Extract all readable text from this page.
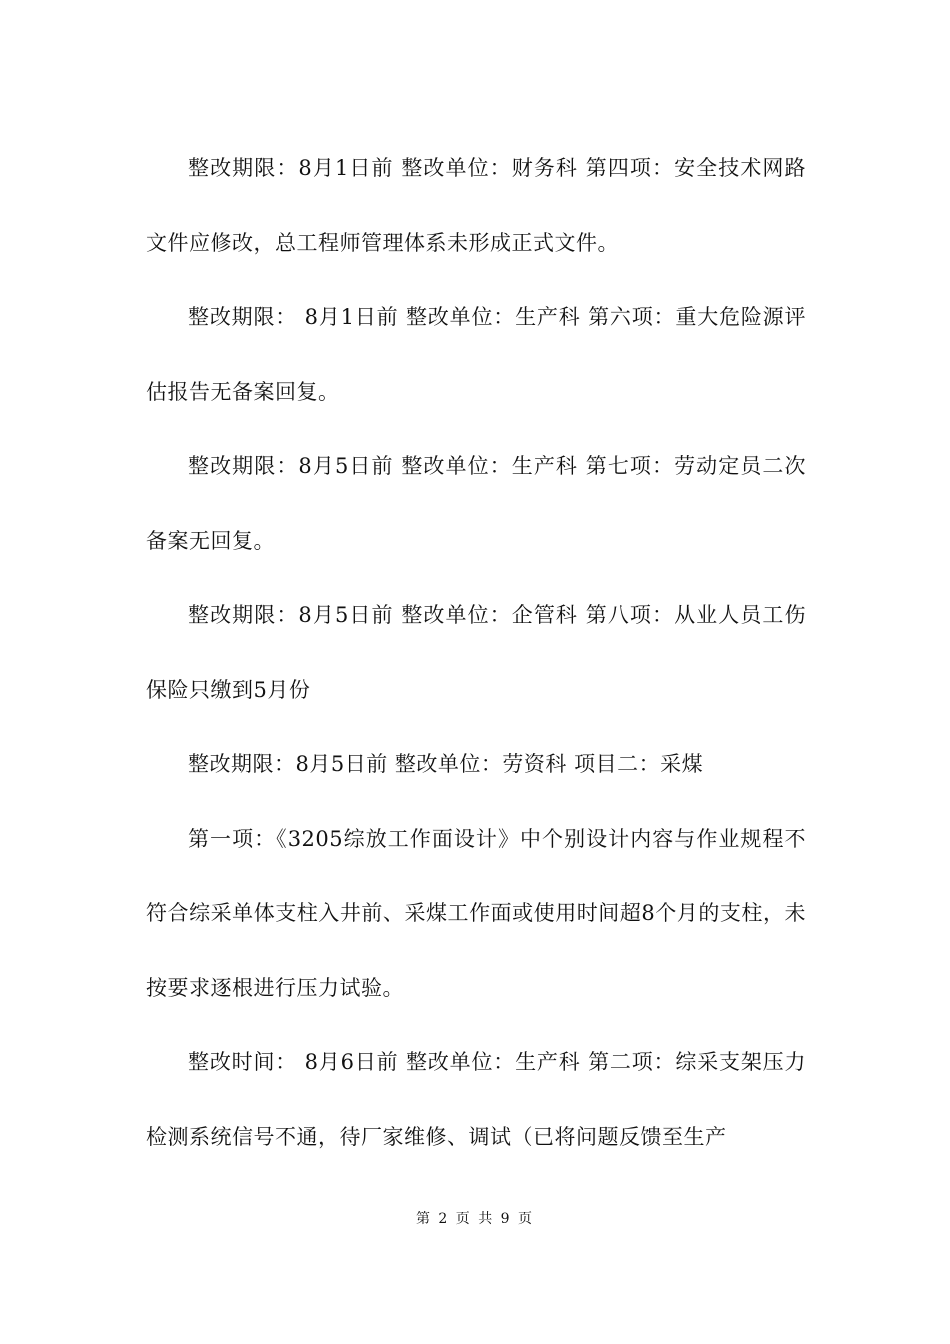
整改期限：8月1日前 整改单位：财务科 第四项：安全技术网路文件应修改，总工程师管理体系未形成正式文件。

整改期限： 8月1日前 整改单位：生产科 第六项：重大危险源评估报告无备案回复。

整改期限：8月5日前 整改单位：生产科 第七项：劳动定员二次备案无回复。

整改期限：8月5日前 整改单位：企管科 第八项：从业人员工伤保险只缴到5月份

整改期限：8月5日前 整改单位：劳资科 项目二：采煤

第一项：《3205综放工作面设计》中个别设计内容与作业规程不符合综采单体支柱入井前、采煤工作面或使用时间超8个月的支柱，未按要求逐根进行压力试验。

整改时间： 8月6日前 整改单位：生产科 第二项：综采支架压力检测系统信号不通，待厂家维修、调试（已将问题反馈至生产

第 2 页 共 9 页
